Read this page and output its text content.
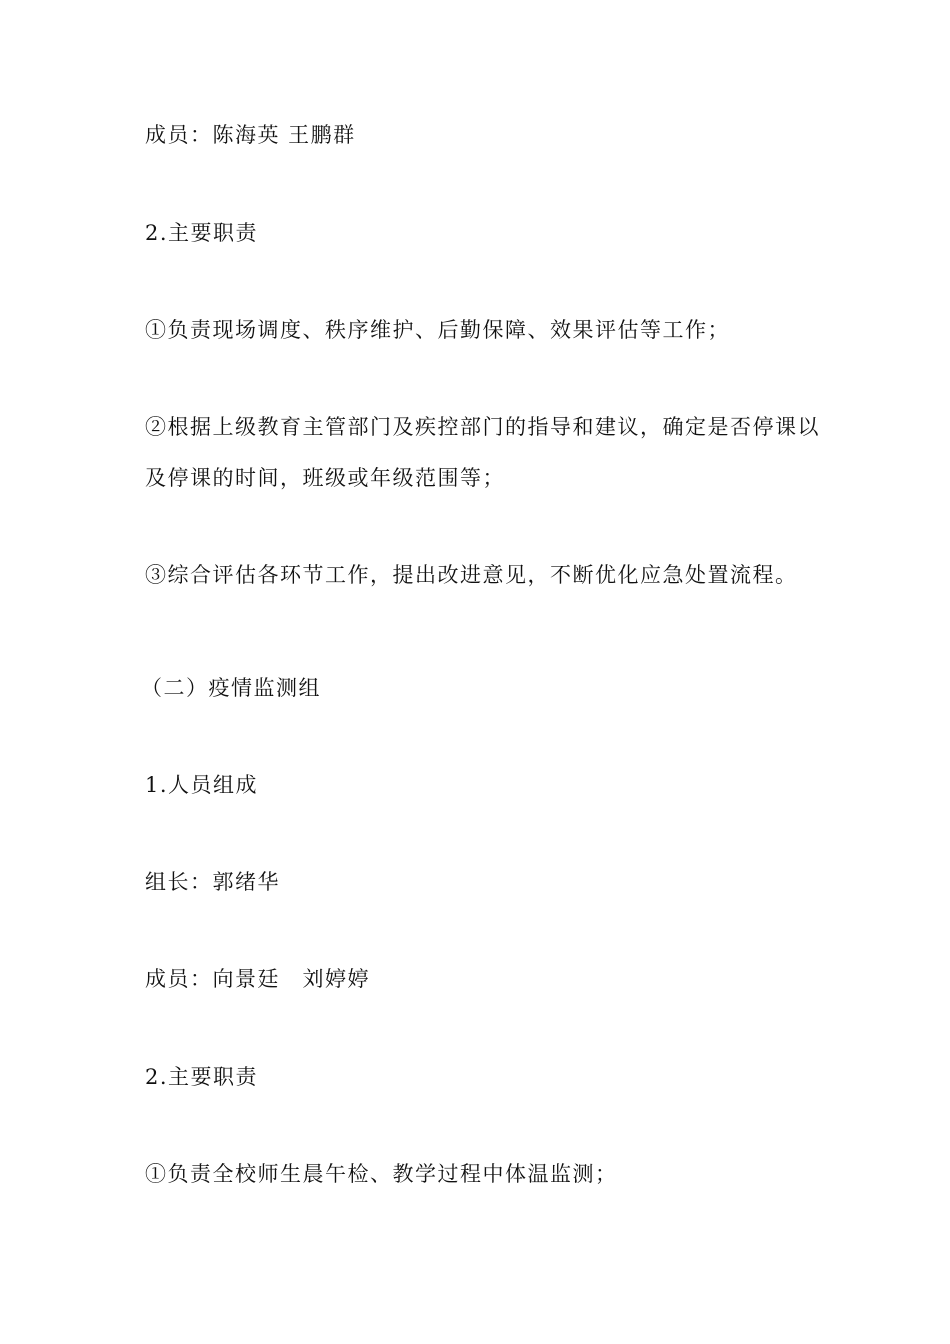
成员：陈海英 王鹏群

2.主要职责

①负责现场调度、秩序维护、后勤保障、效果评估等工作；

②根据上级教育主管部门及疾控部门的指导和建议，确定是否停课以

及停课的时间，班级或年级范围等；

③综合评估各环节工作，提出改进意见，不断优化应急处置流程。

（二）疫情监测组

1.人员组成

组长：郭绪华

成员：向景廷　刘婷婷

2.主要职责

①负责全校师生晨午检、教学过程中体温监测；
